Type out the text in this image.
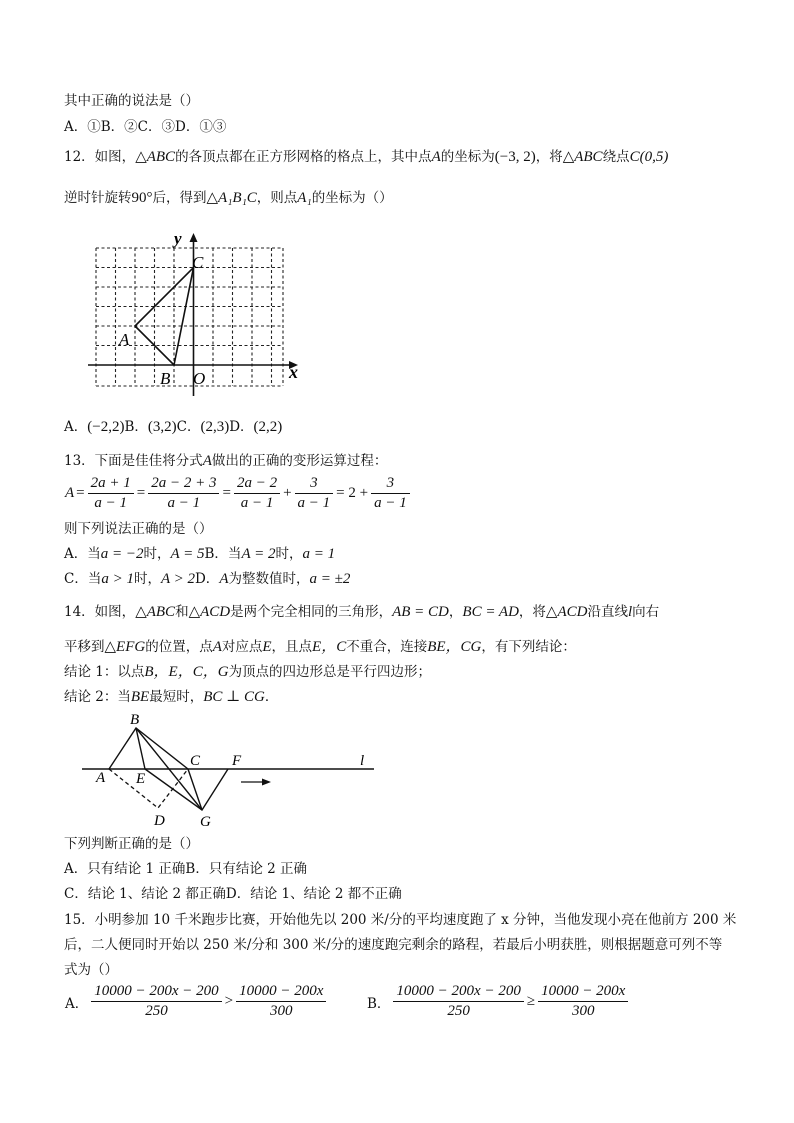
其中正确的说法是（）
A．①B．②C．③D．①③
12．如图，△ABC的各顶点都在正方形网格的格点上，其中点A的坐标为(−3, 2)，将△ABC绕点C(0,5)
逆时针旋转90°后，得到△A₁B₁C，则点A₁的坐标为（）
y
x
C
A
B O
A．(−2,2)B．(3,2)C．(2,3)D．(2,2)
13．下面是佳佳将分式A做出的正确的变形运算过程：
$A = \frac{2a + 1}{a - 1} = \frac{2a - 2 + 3}{a - 1} = \frac{2a - 2}{a - 1} + \frac{3}{a - 1} = 2 + \frac{3}{a - 1}$
则下列说法正确的是（）
A．当a = −2时，A = 5B．当A = 2时，a = 1
C．当a > 1时，A > 2D．A为整数值时，a = ±2
14．如图，△ABC和△ACD是两个完全相同的三角形，AB = CD，BC = AD，将△ACD沿直线l向右
平移到△EFG的位置，点A对应点E，且点E，C不重合，连接BE，CG，有下列结论：
结论 1：以点B，E，C，G为顶点的四边形总是平行四边形；
结论 2：当BE最短时，BC ⊥ CG．
B
C F	l
A E
D G
下列判断正确的是（）
A．只有结论 1 正确B．只有结论 2 正确
C．结论 1、结论 2 都正确D．结论 1、结论 2 都不正确
15．小明参加 10 千米跑步比赛，开始他先以 200 米/分的平均速度跑了 x 分钟，当他发现小亮在他前方 200 米
后，二人便同时开始以 250 米/分和 300 米/分的速度跑完剩余的路程，若最后小明获胜，则根据题意可列不等
式为（）
A． $\frac{10000 - 200x - 200}{250} > \frac{10000 - 200x}{300}$	B． $\frac{10000 - 200x - 200}{250} \ge \frac{10000 - 200x}{300}$
